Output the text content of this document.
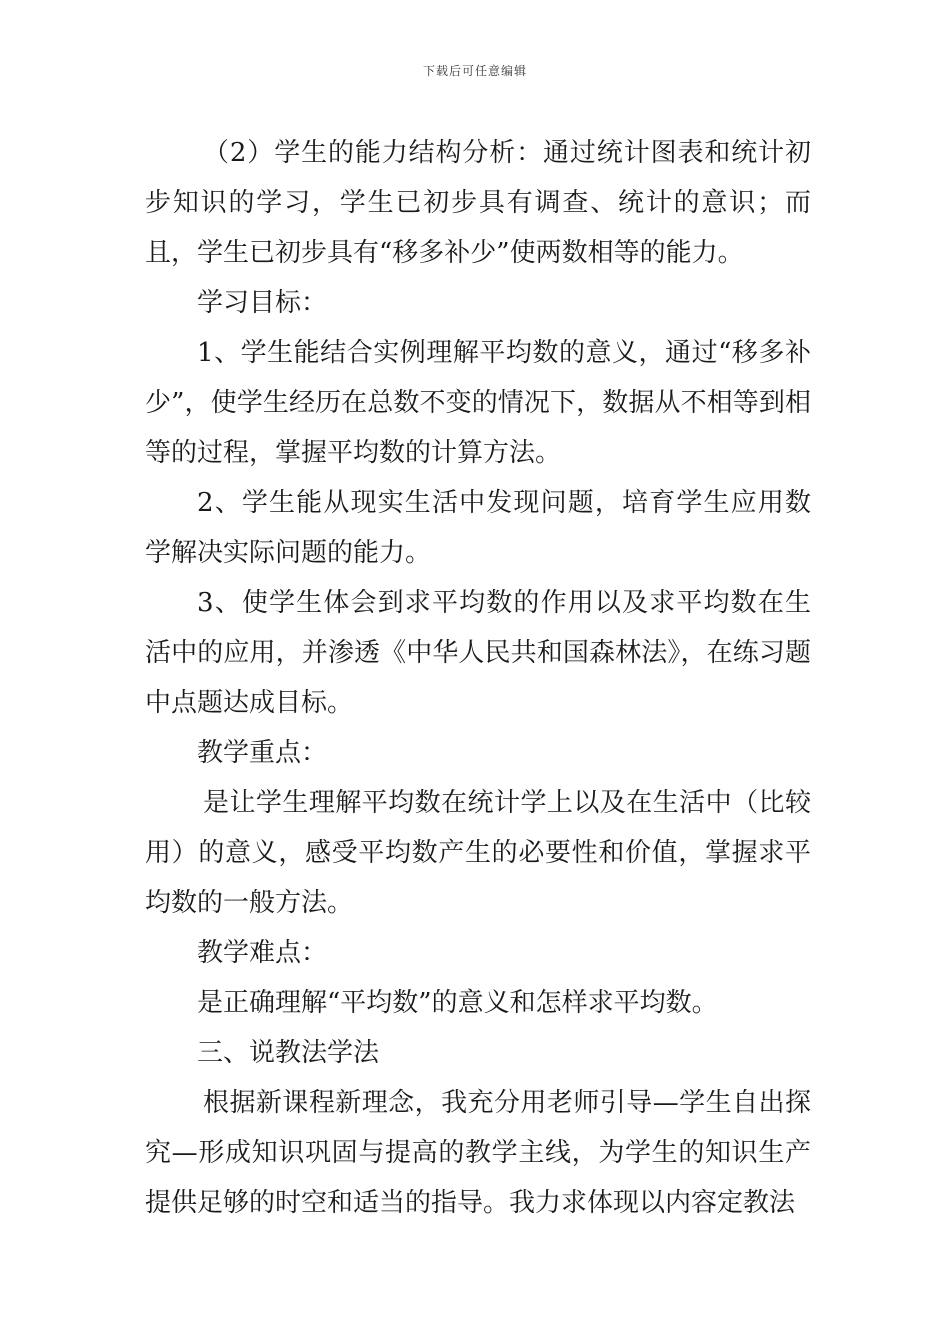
下载后可任意编辑

（2）学生的能力结构分析：通过统计图表和统计初步知识的学习，学生已初步具有调查、统计的意识；而且，学生已初步具有“移多补少”使两数相等的能力。

学习目标：

1、学生能结合实例理解平均数的意义，通过“移多补少”，使学生经历在总数不变的情况下，数据从不相等到相等的过程，掌握平均数的计算方法。

2、学生能从现实生活中发现问题，培育学生应用数学解决实际问题的能力。

3、使学生体会到求平均数的作用以及求平均数在生活中的应用，并渗透《中华人民共和国森林法》，在练习题中点题达成目标。

教学重点：

是让学生理解平均数在统计学上以及在生活中（比较用）的意义，感受平均数产生的必要性和价值，掌握求平均数的一般方法。

教学难点：

是正确理解“平均数”的意义和怎样求平均数。

三、说教法学法

根据新课程新理念，我充分用老师引导—学生自出探究—形成知识巩固与提高的教学主线，为学生的知识生产提供足够的时空和适当的指导。我力求体现以内容定教法
